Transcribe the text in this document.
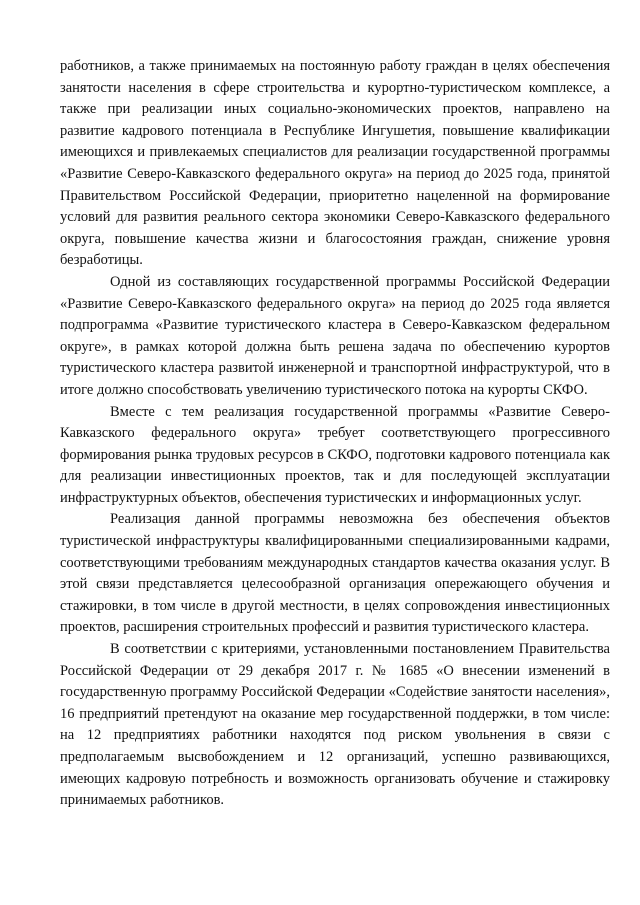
работников, а также принимаемых на постоянную работу граждан в целях обеспечения занятости населения в сфере строительства и курортно-туристическом комплексе, а также при реализации иных социально-экономических проектов, направлено на развитие кадрового потенциала в Республике Ингушетия, повышение квалификации имеющихся и привлекаемых специалистов для реализации государственной программы «Развитие Северо-Кавказского федерального округа» на период до 2025 года, принятой Правительством Российской Федерации, приоритетно нацеленной на формирование условий для развития реального сектора экономики Северо-Кавказского федерального округа, повышение качества жизни и благосостояния граждан, снижение уровня безработицы.

Одной из составляющих государственной программы Российской Федерации «Развитие Северо-Кавказского федерального округа» на период до 2025 года является подпрограмма «Развитие туристического кластера в Северо-Кавказском федеральном округе», в рамках которой должна быть решена задача по обеспечению курортов туристического кластера развитой инженерной и транспортной инфраструктурой, что в итоге должно способствовать увеличению туристического потока на курорты СКФО.

Вместе с тем реализация государственной программы «Развитие Северо-Кавказского федерального округа» требует соответствующего прогрессивного формирования рынка трудовых ресурсов в СКФО, подготовки кадрового потенциала как для реализации инвестиционных проектов, так и для последующей эксплуатации инфраструктурных объектов, обеспечения туристических и информационных услуг.

Реализация данной программы невозможна без обеспечения объектов туристической инфраструктуры квалифицированными специализированными кадрами, соответствующими требованиям международных стандартов качества оказания услуг. В этой связи представляется целесообразной организация опережающего обучения и стажировки, в том числе в другой местности, в целях сопровождения инвестиционных проектов, расширения строительных профессий и развития туристического кластера.

В соответствии с критериями, установленными постановлением Правительства Российской Федерации от 29 декабря 2017 г. № 1685 «О внесении изменений в государственную программу Российской Федерации «Содействие занятости населения», 16 предприятий претендуют на оказание мер государственной поддержки, в том числе: на 12 предприятиях работники находятся под риском увольнения в связи с предполагаемым высвобождением и 12 организаций, успешно развивающихся, имеющих кадровую потребность и возможность организовать обучение и стажировку принимаемых работников.
